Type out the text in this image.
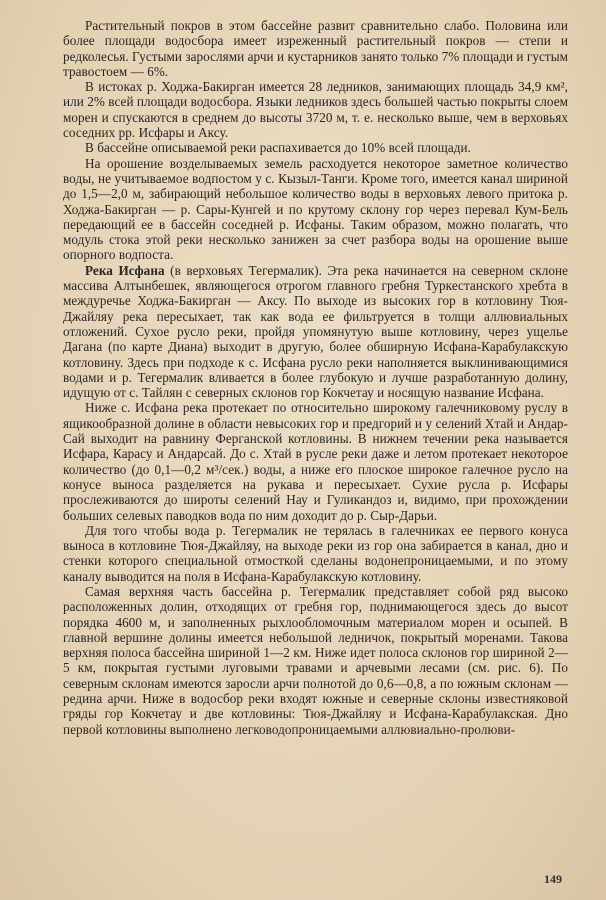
Растительный покров в этом бассейне развит сравнительно слабо. Половина или более площади водосбора имеет изреженный растительный покров — степи и редколесья. Густыми зарослями арчи и кустарников занято только 7% площади и густым травостоем — 6%.

В истоках р. Ходжа-Бакирган имеется 28 ледников, занимающих площадь 34,9 км², или 2% всей площади водосбора. Языки ледников здесь большей частью покрыты слоем морен и спускаются в среднем до высоты 3720 м, т. е. несколько выше, чем в верховьях соседних рр. Исфары и Аксу.

В бассейне описываемой реки распахивается до 10% всей площади.

На орошение возделываемых земель расходуется некоторое заметное количество воды, не учитываемое водпостом у с. Кызыл-Танги. Кроме того, имеется канал шириной до 1,5—2,0 м, забирающий небольшое количество воды в верховьях левого притока р. Ходжа-Бакирган — р. Сары-Кунгей и по крутому склону гор через перевал Кум-Бель передающий ее в бассейн соседней р. Исфаны. Таким образом, можно полагать, что модуль стока этой реки несколько занижен за счет разбора воды на орошение выше опорного водпоста.

Река Исфана (в верховьях Тегермалик). Эта река начинается на северном склоне массива Алтынбешек, являющегося отрогом главного гребня Туркестанского хребта в междуречье Ходжа-Бакирган — Аксу. По выходе из высоких гор в котловину Тюя-Джайляу река пересыхает, так как вода ее фильтруется в толщи аллювиальных отложений. Сухое русло реки, пройдя упомянутую выше котловину, через ущелье Дагана (по карте Диана) выходит в другую, более обширную Исфана-Карабулакскую котловину. Здесь при подходе к с. Исфана русло реки наполняется выклинивающимися водами и р. Тегермалик вливается в более глубокую и лучше разработанную долину, идущую от с. Тайлян с северных склонов гор Кокчетау и носящую название Исфана.

Ниже с. Исфана река протекает по относительно широкому галечниковому руслу в ящикообразной долине в области невысоких гор и предгорий и у селений Хтай и Андар-Сай выходит на равнину Ферганской котловины. В нижнем течении река называется Исфара, Карасу и Андарсай. До с. Хтай в русле реки даже и летом протекает некоторое количество (до 0,1—0,2 м³/сек.) воды, а ниже его плоское широкое галечное русло на конусе выноса разделяется на рукава и пересыхает. Сухие русла р. Исфары прослеживаются до широты селений Нау и Гуликандоз и, видимо, при прохождении больших селевых паводков вода по ним доходит до р. Сыр-Дарьи.

Для того чтобы вода р. Тегермалик не терялась в галечниках ее первого конуса выноса в котловине Тюя-Джайляу, на выходе реки из гор она забирается в канал, дно и стенки которого специальной отмосткой сделаны водонепроницаемыми, и по этому каналу выводится на поля в Исфана-Карабулакскую котловину.

Самая верхняя часть бассейна р. Тегермалик представляет собой ряд высоко расположенных долин, отходящих от гребня гор, поднимающегося здесь до высот порядка 4600 м, и заполненных рыхлообломочным материалом морен и осыпей. В главной вершине долины имеется небольшой ледничок, покрытый моренами. Такова верхняя полоса бассейна шириной 1—2 км. Ниже идет полоса склонов гор шириной 2—5 км, покрытая густыми луговыми травами и арчевыми лесами (см. рис. 6). По северным склонам имеются заросли арчи полнотой до 0,6—0,8, а по южным склонам — редина арчи. Ниже в водосбор реки входят южные и северные склоны известняковой гряды гор Кокчетау и две котловины: Тюя-Джайляу и Исфана-Карабулакская. Дно первой котловины выполнено легководопроницаемыми аллювиально-пролюви-

149
